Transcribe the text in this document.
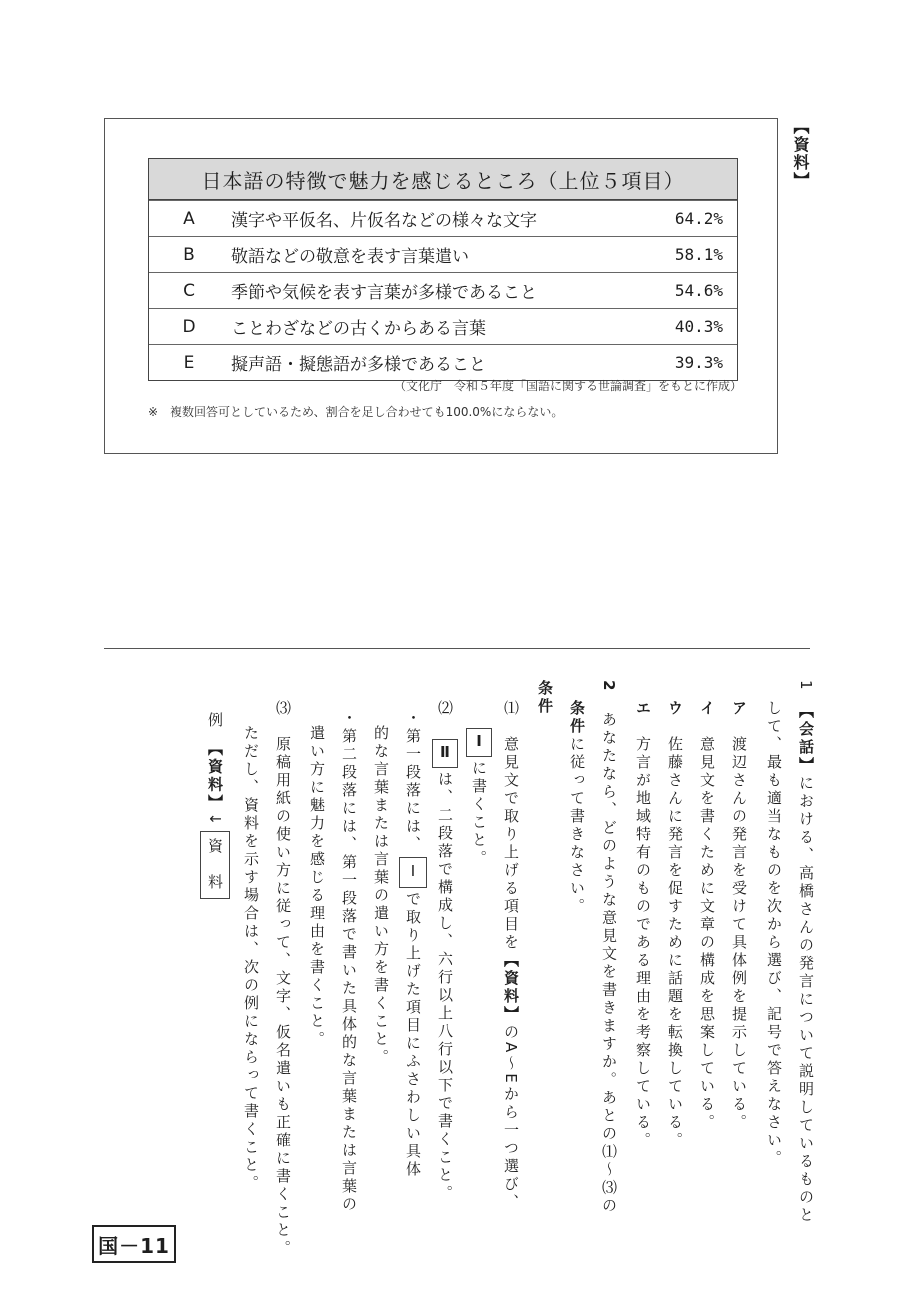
【資料】
日本語の特徴で魅力を感じるところ（上位５項目）
A	漢字や平仮名、片仮名などの様々な文字	64.2%
B	敬語などの敬意を表す言葉遣い	58.1%
C	季節や気候を表す言葉が多様であること	54.6%
D	ことわざなどの古くからある言葉	40.3%
E	擬声語・擬態語が多様であること	39.3%
（文化庁　令和５年度「国語に関する世論調査」をもとに作成）
※　複数回答可としているため、割合を足し合わせても100.0%にならない。
1　【会話】における、高橋さんの発言について説明しているものと
して、最も適当なものを次から選び、記号で答えなさい。
ア　渡辺さんの発言を受けて具体例を提示している。
イ　意見文を書くために文章の構成を思案している。
ウ　佐藤さんに発言を促すために話題を転換している。
エ　方言が地域特有のものである理由を考察している。
2　あなたなら、どのような意見文を書きますか。あとの⑴〜⑶の
条件に従って書きなさい。
条件
⑴　意見文で取り上げる項目を【資料】のA〜Eから一つ選び、
Ⅰに書くこと。
⑵　Ⅱは、二段落で構成し、六行以上八行以下で書くこと。
・第一段落には、Ⅰで取り上げた項目にふさわしい具体
的な言葉または言葉の遣い方を書くこと。
・第二段落には、第一段落で書いた具体的な言葉または言葉の
遣い方に魅力を感じる理由を書くこと。
⑶　原稿用紙の使い方に従って、文字、仮名遣いも正確に書くこと。
ただし、資料を示す場合は、次の例にならって書くこと。
例　【資料】↓資　料
国－11
